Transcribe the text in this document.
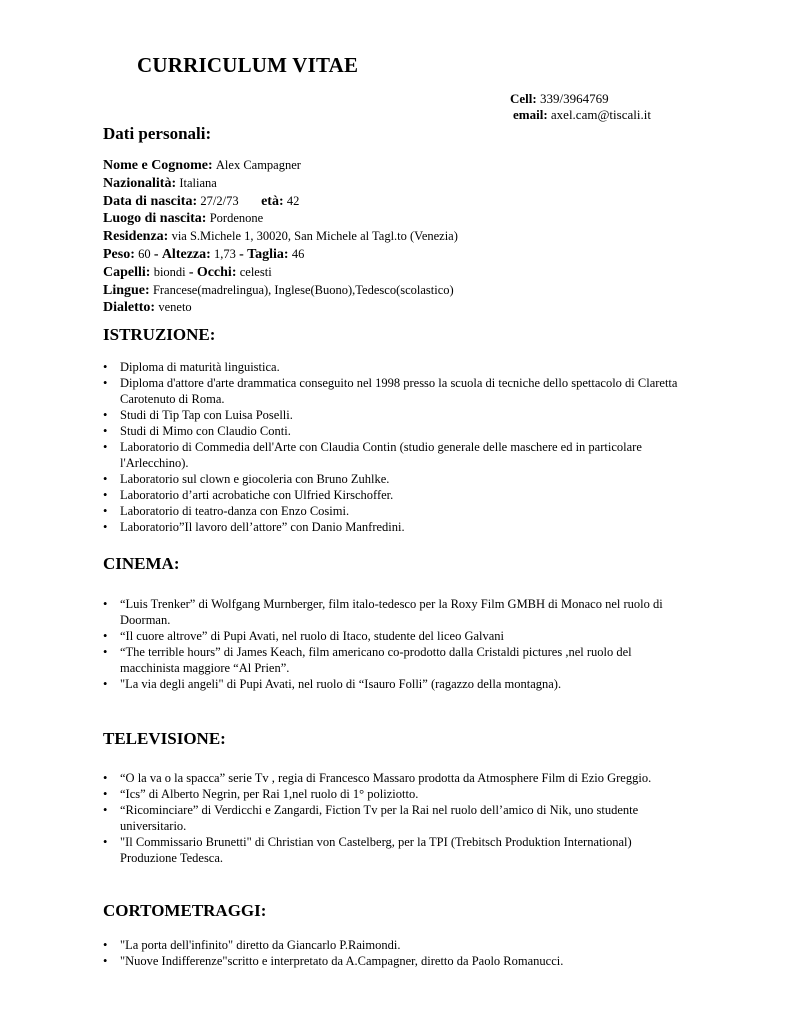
CURRICULUM VITAE
Cell: 339/3964769
email: axel.cam@tiscali.it
Dati personali:
Nome e Cognome: Alex Campagner
Nazionalità: Italiana
Data di nascita: 27/2/73 età: 42
Luogo di nascita: Pordenone
Residenza: via S.Michele 1, 30020, San Michele al Tagl.to (Venezia)
Peso: 60 - Altezza: 1,73 - Taglia: 46
Capelli: biondi - Occhi: celesti
Lingue: Francese(madrelingua), Inglese(Buono),Tedesco(scolastico)
Dialetto: veneto
ISTRUZIONE:
• Diploma di maturità linguistica.
• Diploma d'attore d'arte drammatica conseguito nel 1998 presso la scuola di tecniche dello spettacolo di Claretta Carotenuto di Roma.
• Studi di Tip Tap con Luisa Poselli.
• Studi di Mimo con Claudio Conti.
• Laboratorio di Commedia dell'Arte con Claudia Contin (studio generale delle maschere ed in particolare l'Arlecchino).
• Laboratorio sul clown e giocoleria con Bruno Zuhlke.
• Laboratorio d’arti acrobatiche con Ulfried Kirschoffer.
• Laboratorio di teatro-danza con Enzo Cosimi.
• Laboratorio”Il lavoro dell’attore” con Danio Manfredini.
CINEMA:
• “Luis Trenker” di Wolfgang Murnberger, film italo-tedesco per la Roxy Film GMBH di Monaco nel ruolo di Doorman.
• “Il cuore altrove” di Pupi Avati, nel ruolo di Itaco, studente del liceo Galvani
• “The terrible hours” di James Keach, film americano co-prodotto dalla Cristaldi pictures ,nel ruolo del macchinista maggiore “Al Prien”.
• "La via degli angeli" di Pupi Avati, nel ruolo di “Isauro Folli” (ragazzo della montagna).
TELEVISIONE:
• “O la va o la spacca” serie Tv , regia di Francesco Massaro prodotta da Atmosphere Film di Ezio Greggio.
• “Ics” di Alberto Negrin, per Rai 1,nel ruolo di 1° poliziotto.
• “Ricominciare” di Verdicchi e Zangardi, Fiction Tv per la Rai nel ruolo dell’amico di Nik, uno studente universitario.
• "Il Commissario Brunetti" di Christian von Castelberg, per la TPI (Trebitsch Produktion International) Produzione Tedesca.
CORTOMETRAGGI:
• "La porta dell'infinito" diretto da Giancarlo P.Raimondi.
• "Nuove Indifferenze"scritto e interpretato da A.Campagner, diretto da Paolo Romanucci.
